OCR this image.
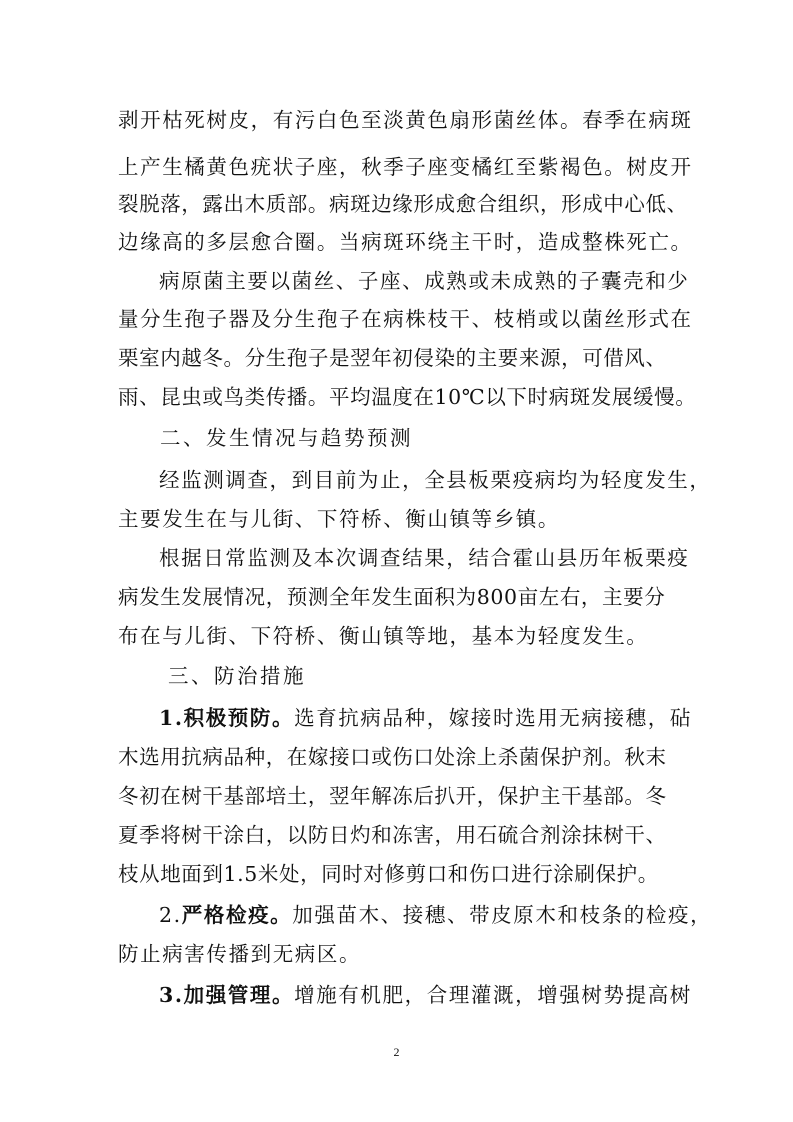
剥开枯死树皮，有污白色至淡黄色扇形菌丝体。春季在病斑
上产生橘黄色疣状子座，秋季子座变橘红至紫褐色。树皮开
裂脱落，露出木质部。病斑边缘形成愈合组织，形成中心低、
边缘高的多层愈合圈。当病斑环绕主干时，造成整株死亡。
病原菌主要以菌丝、子座、成熟或未成熟的子囊壳和少
量分生孢子器及分生孢子在病株枝干、枝梢或以菌丝形式在
栗室内越冬。分生孢子是翌年初侵染的主要来源，可借风、
雨、昆虫或鸟类传播。平均温度在10℃以下时病斑发展缓慢。
二、发生情况与趋势预测
经监测调查，到目前为止，全县板栗疫病均为轻度发生，
主要发生在与儿街、下符桥、衡山镇等乡镇。
根据日常监测及本次调查结果，结合霍山县历年板栗疫
病发生发展情况，预测全年发生面积为800亩左右，主要分
布在与儿街、下符桥、衡山镇等地，基本为轻度发生。
三、防治措施
1.积极预防。选育抗病品种，嫁接时选用无病接穗，砧
木选用抗病品种，在嫁接口或伤口处涂上杀菌保护剂。秋末
冬初在树干基部培土，翌年解冻后扒开，保护主干基部。冬
夏季将树干涂白，以防日灼和冻害，用石硫合剂涂抹树干、
枝从地面到1.5米处，同时对修剪口和伤口进行涂刷保护。
2.严格检疫。加强苗木、接穗、带皮原木和枝条的检疫，
防止病害传播到无病区。
3.加强管理。增施有机肥，合理灌溉，增强树势提高树
2
